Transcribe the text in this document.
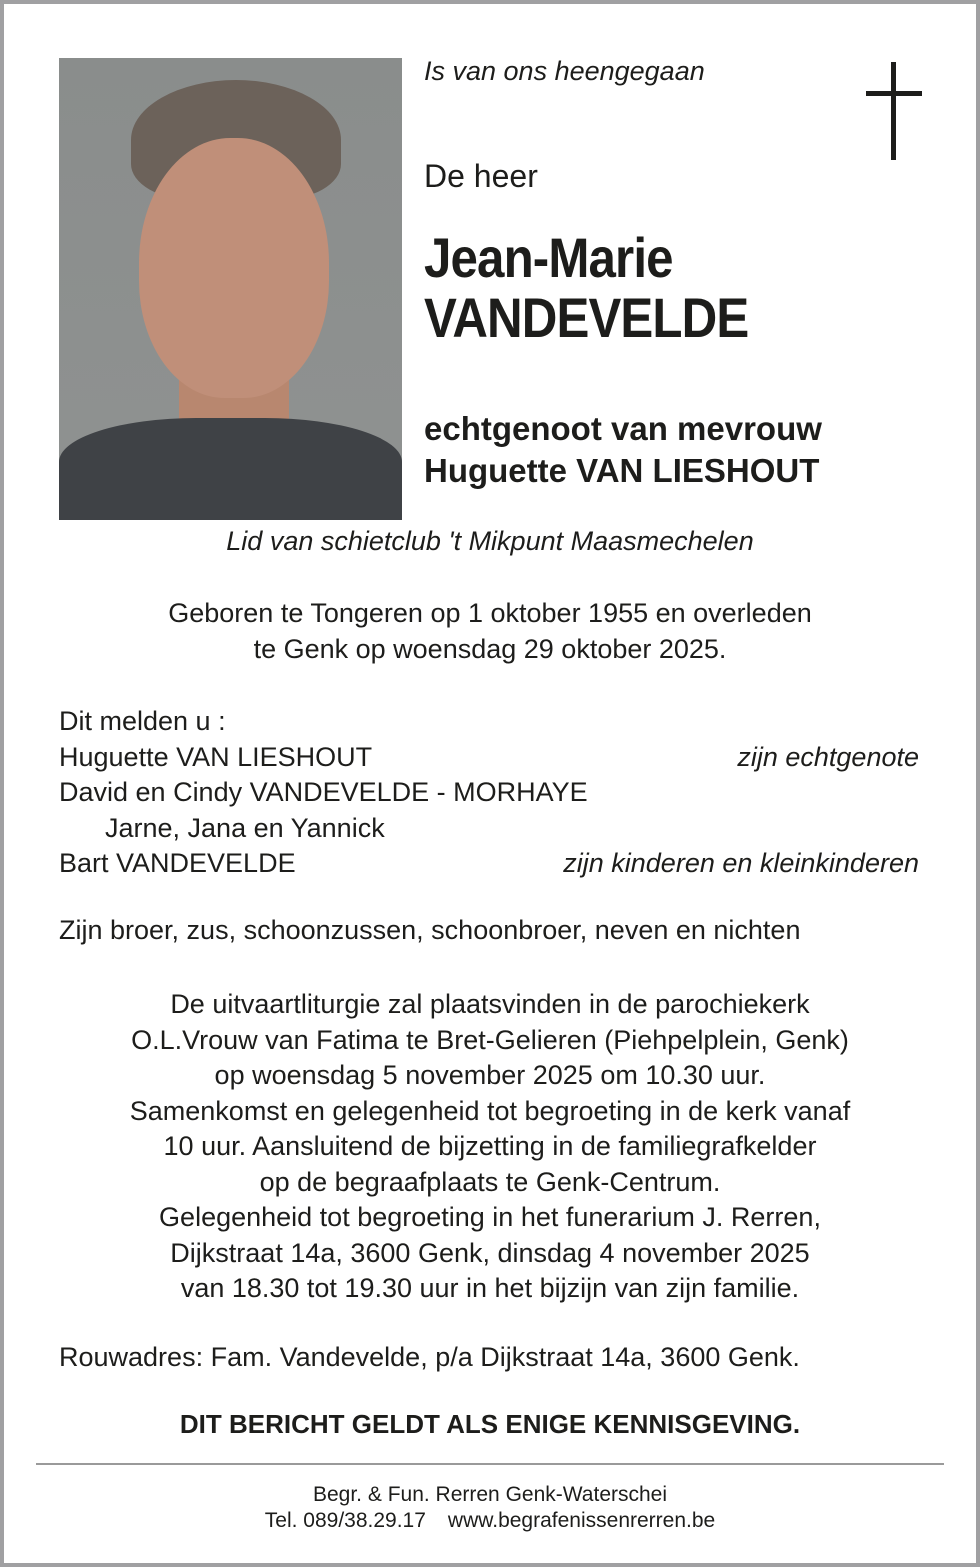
Is van ons heengegaan
De heer
Jean-Marie
VANDEVELDE
echtgenoot van mevrouw
Huguette VAN LIESHOUT
Lid van schietclub 't Mikpunt Maasmechelen
Geboren te Tongeren op 1 oktober 1955 en overleden
te Genk op woensdag 29 oktober 2025.
Dit melden u :
Huguette VAN LIESHOUT	zijn echtgenote
David en Cindy VANDEVELDE - MORHAYE
Jarne, Jana en Yannick
Bart VANDEVELDE	zijn kinderen en kleinkinderen
Zijn broer, zus, schoonzussen, schoonbroer, neven en nichten
De uitvaartliturgie zal plaatsvinden in de parochiekerk
O.L.Vrouw van Fatima te Bret-Gelieren (Piehpelplein, Genk)
op woensdag 5 november 2025 om 10.30 uur.
Samenkomst en gelegenheid tot begroeting in de kerk vanaf
10 uur. Aansluitend de bijzetting in de familiegrafkelder
op de begraafplaats te Genk-Centrum.
Gelegenheid tot begroeting in het funerarium J. Rerren,
Dijkstraat 14a, 3600 Genk, dinsdag 4 november 2025
van 18.30 tot 19.30 uur in het bijzijn van zijn familie.
Rouwadres: Fam. Vandevelde, p/a Dijkstraat 14a, 3600 Genk.
DIT BERICHT GELDT ALS ENIGE KENNISGEVING.
Begr. & Fun. Rerren Genk-Waterschei
Tel. 089/38.29.17 www.begrafenissenrerren.be
